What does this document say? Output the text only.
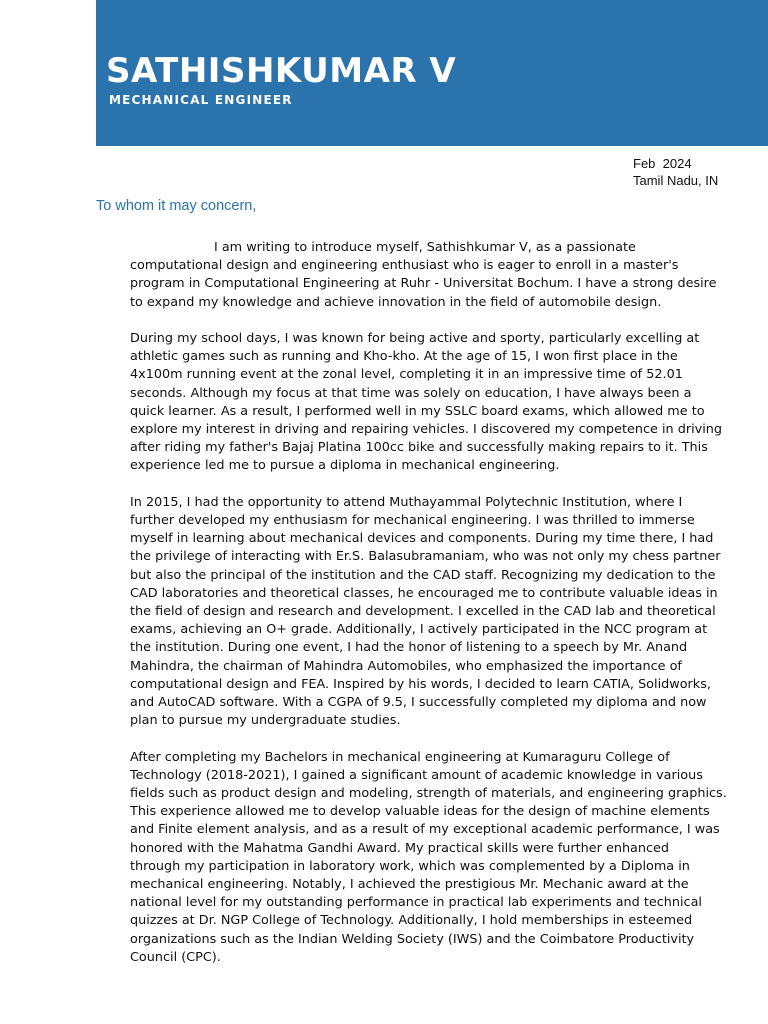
SATHISHKUMAR V
MECHANICAL ENGINEER
Feb  2024
Tamil Nadu, IN
To whom it may concern,

I am writing to introduce myself, Sathishkumar V, as a passionate
computational design and engineering enthusiast who is eager to enroll in a master's
program in Computational Engineering at Ruhr - Universitat Bochum. I have a strong desire
to expand my knowledge and achieve innovation in the field of automobile design.

During my school days, I was known for being active and sporty, particularly excelling at
athletic games such as running and Kho-kho. At the age of 15, I won first place in the
4x100m running event at the zonal level, completing it in an impressive time of 52.01
seconds. Although my focus at that time was solely on education, I have always been a
quick learner. As a result, I performed well in my SSLC board exams, which allowed me to
explore my interest in driving and repairing vehicles. I discovered my competence in driving
after riding my father's Bajaj Platina 100cc bike and successfully making repairs to it. This
experience led me to pursue a diploma in mechanical engineering.

In 2015, I had the opportunity to attend Muthayammal Polytechnic Institution, where I
further developed my enthusiasm for mechanical engineering. I was thrilled to immerse
myself in learning about mechanical devices and components. During my time there, I had
the privilege of interacting with Er.S. Balasubramaniam, who was not only my chess partner
but also the principal of the institution and the CAD staff. Recognizing my dedication to the
CAD laboratories and theoretical classes, he encouraged me to contribute valuable ideas in
the field of design and research and development. I excelled in the CAD lab and theoretical
exams, achieving an O+ grade. Additionally, I actively participated in the NCC program at
the institution. During one event, I had the honor of listening to a speech by Mr. Anand
Mahindra, the chairman of Mahindra Automobiles, who emphasized the importance of
computational design and FEA. Inspired by his words, I decided to learn CATIA, Solidworks,
and AutoCAD software. With a CGPA of 9.5, I successfully completed my diploma and now
plan to pursue my undergraduate studies.

After completing my Bachelors in mechanical engineering at Kumaraguru College of
Technology (2018-2021), I gained a significant amount of academic knowledge in various
fields such as product design and modeling, strength of materials, and engineering graphics.
This experience allowed me to develop valuable ideas for the design of machine elements
and Finite element analysis, and as a result of my exceptional academic performance, I was
honored with the Mahatma Gandhi Award. My practical skills were further enhanced
through my participation in laboratory work, which was complemented by a Diploma in
mechanical engineering. Notably, I achieved the prestigious Mr. Mechanic award at the
national level for my outstanding performance in practical lab experiments and technical
quizzes at Dr. NGP College of Technology. Additionally, I hold memberships in esteemed
organizations such as the Indian Welding Society (IWS) and the Coimbatore Productivity
Council (CPC).
